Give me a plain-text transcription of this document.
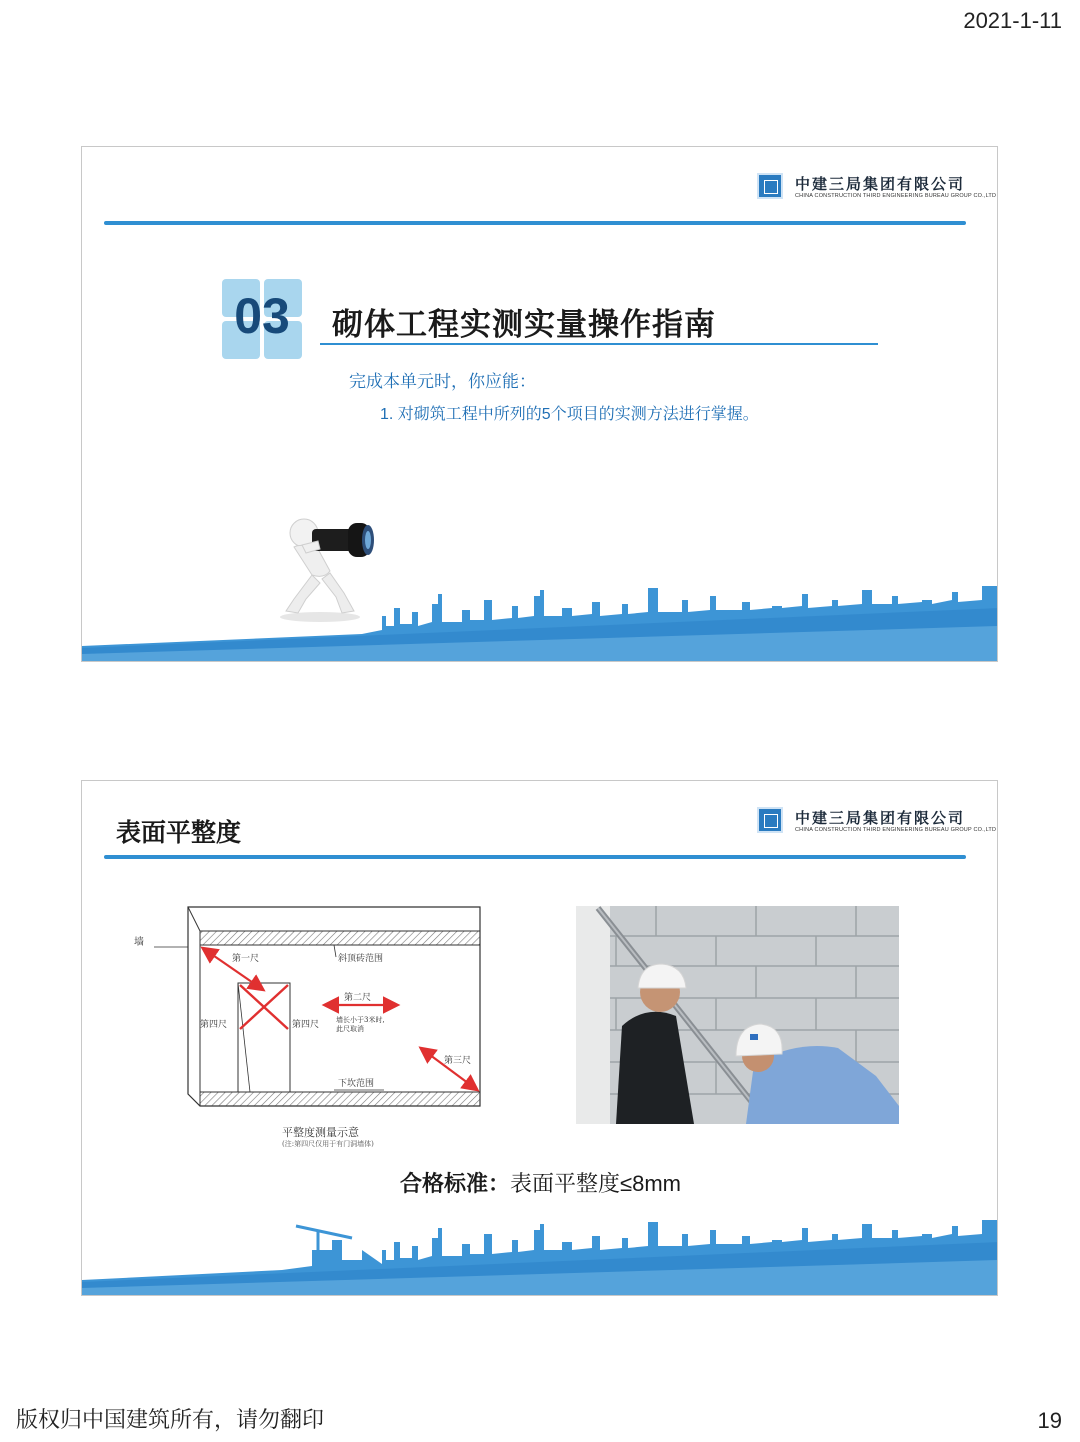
2021-1-11
中建三局集团有限公司
CHINA CONSTRUCTION THIRD ENGINEERING BUREAU GROUP CO.,LTD
03	砌体工程实测实量操作指南
完成本单元时，你应能：
1. 对砌筑工程中所列的5个项目的实测方法进行掌握。
表面平整度
中建三局集团有限公司
CHINA CONSTRUCTION THIRD ENGINEERING BUREAU GROUP CO.,LTD
墙
第一尺
第四尺	第四尺
斜顶砖范围
第二尺
墙长小于3米时,
此尺取消
第三尺
下坎范围
平整度测量示意
(注:第四尺仅用于有门洞墙体)
合格标准：表面平整度≤8mm
版权归中国建筑所有，请勿翻印	19
